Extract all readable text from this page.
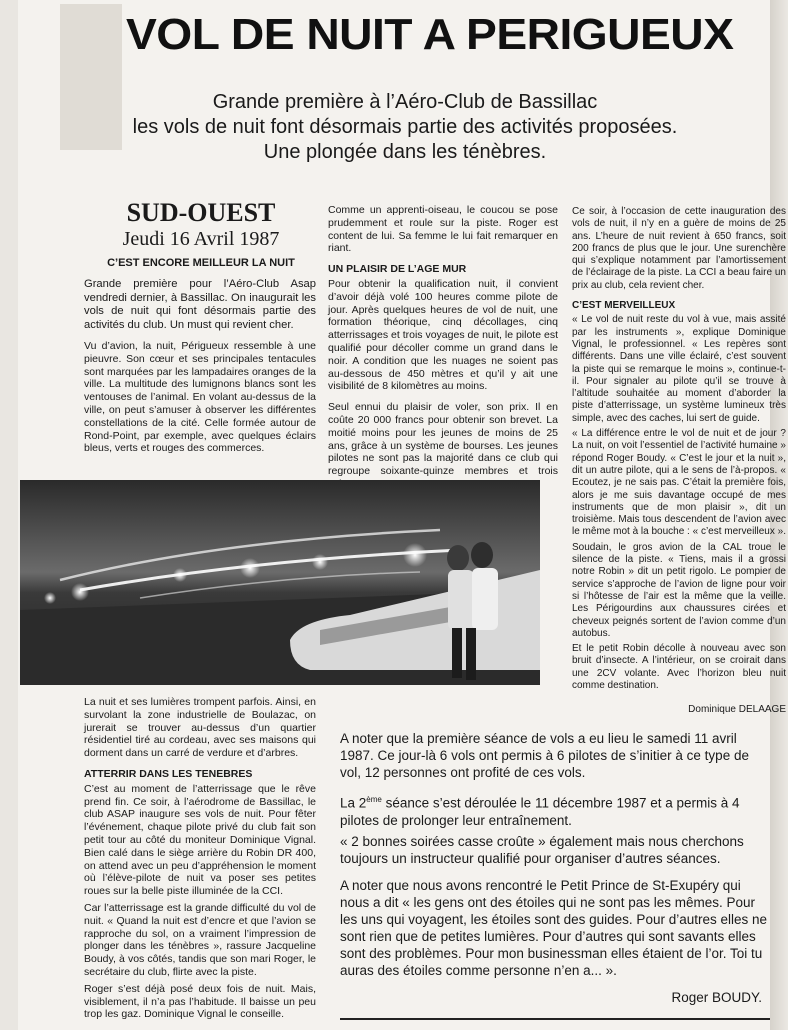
VOL DE NUIT A PERIGUEUX
Grande première à l’Aéro-Club de Bassillac
les vols de nuit font désormais partie des activités proposées.
Une plongée dans les ténèbres.
SUD-OUEST
Jeudi 16 Avril 1987
C’EST ENCORE MEILLEUR LA NUIT

Grande première pour l’Aéro-Club Asap vendredi dernier, à Bassillac. On inaugurait les vols de nuit qui font désormais partie des activités du club. Un must qui revient cher.

Vu d’avion, la nuit, Périgueux ressemble à une pieuvre. Son cœur et ses principales tentacules sont marquées par les lampadaires oranges de la ville. La multitude des lumignons blancs sont les ventouses de l’animal. En volant au-dessus de la ville, on peut s’amuser à observer les différentes constellations de la cité. Celle formée autour de Rond-Point, par exemple, avec quelques éclairs bleus, verts et rouges des commerces.

Comme un apprenti-oiseau, le coucou se pose prudemment et roule sur la piste. Roger est content de lui. Sa femme le lui fait remarquer en riant.

UN PLAISIR DE L’AGE MUR

Pour obtenir la qualification nuit, il convient d’avoir déjà volé 100 heures comme pilote de jour. Après quelques heures de vol de nuit, une formation théorique, cinq décollages, cinq atterrissages et trois voyages de nuit, le pilote est qualifié pour décoller comme un grand dans le noir. A condition que les nuages ne soient pas au-dessous de 450 mètres et qu’il y ait une visibilité de 8 kilomètres au moins.

Seul ennui du plaisir de voler, son prix. Il en coûte 20 000 francs pour obtenir son brevet. La moitié moins pour les jeunes de moins de 25 ans, grâce à un système de bourses. Les jeunes pilotes ne sont pas la majorité dans ce club qui regroupe soixante-quinze membres et trois

Ce soir, à l’occasion de cette inauguration des vols de nuit, il n’y en a guère de moins de 25 ans. L’heure de nuit revient à 650 francs, soit 200 francs de plus que le jour. Une surenchère qui s’explique notamment par l’amortissement de l’éclairage de la piste. La CCI a beau faire un prix au club, cela revient cher.

C’EST MERVEILLEUX

« Le vol de nuit reste du vol à vue, mais assité par les instruments », explique Dominique Vignal, le professionnel. « Les repères sont différents. Dans une ville éclairé, c’est souvent la piste qui se remarque le moins », continue-t-il. Pour signaler au pilote qu’il se trouve à l’altitude souhaitée au moment d’aborder la piste d’atterrissage, un système lumineux très simple, avec des caches, lui sert de guide.

« La différence entre le vol de nuit et de jour ? La nuit, on voit l’essentiel de l’activité humaine » répond Roger Boudy. « C’est le jour et la nuit », dit un autre pilote, qui a le sens de l’à-propos. « Ecoutez, je ne sais pas. C’était la première fois, alors je me suis davantage occupé de mes instruments que de mon plaisir », dit un troisième. Mais tous descendent de l’avion avec le même mot à la bouche : « c’est merveilleux ».

Soudain, le gros avion de la CAL troue le silence de la piste. « Tiens, mais il a grossi notre Robin » dit un petit rigolo. Le pompier de service s’approche de l’avion de ligne pour voir si l’hôtesse de l’air est la même que la veille. Les Périgourdins aux chaussures cirées et cheveux peignés sortent de l’avion comme d’un autobus.

Et le petit Robin décolle à nouveau avec son bruit d’insecte. A l’intérieur, on se croirait dans une 2CV volante. Avec l’horizon bleu nuit comme destination.

Dominique DELAAGE

La nuit et ses lumières trompent parfois. Ainsi, en survolant la zone industrielle de Boulazac, on jurerait se trouver au-dessus d’un quartier résidentiel tiré au cordeau, avec ses maisons qui dorment dans un carré de verdure et d’arbres.

ATTERRIR DANS LES TENEBRES

C’est au moment de l’atterrissage que le rêve prend fin. Ce soir, à l’aérodrome de Bassillac, le club ASAP inaugure ses vols de nuit. Pour fêter l’événement, chaque pilote privé du club fait son petit tour au côté du moniteur Dominique Vignal. Bien calé dans le siège arrière du Robin DR 400, on attend avec un peu d’appréhension le moment où l’élève-pilote de nuit va poser ses petites roues sur la belle piste illuminée de la CCI.

Car l’atterrissage est la grande difficulté du vol de nuit. « Quand la nuit est d’encre et que l’avion se rapproche du sol, on a vraiment l’impression de plonger dans les ténèbres », rassure Jacqueline Boudy, à vos côtés, tandis que son mari Roger, le secrétaire du club, flirte avec la piste.

Roger s’est déjà posé deux fois de nuit. Mais, visiblement, il n’a pas l’habitude. Il baisse un peu trop les gaz. Dominique Vignal le conseille.

A noter que la première séance de vols a eu lieu le samedi 11 avril 1987. Ce jour-là 6 vols ont permis à 6 pilotes de s’initier à ce type de vol, 12 personnes ont profité de ces vols.

La 2ème séance s’est déroulée le 11 décembre 1987 et a permis à 4 pilotes de prolonger leur entraînement.

« 2 bonnes soirées casse croûte » également mais nous cherchons toujours un instructeur qualifié pour organiser d’autres séances.

A noter que nous avons rencontré le Petit Prince de St-Exupéry qui nous a dit « les gens ont des étoiles qui ne sont pas les mêmes. Pour les uns qui voyagent, les étoiles sont des guides. Pour d’autres elles ne sont rien que de petites lumières. Pour d’autres qui sont savants elles sont des problèmes. Pour mon businessman elles étaient de l’or. Toi tu auras des étoiles comme personne n’en a... ».

Roger BOUDY.
